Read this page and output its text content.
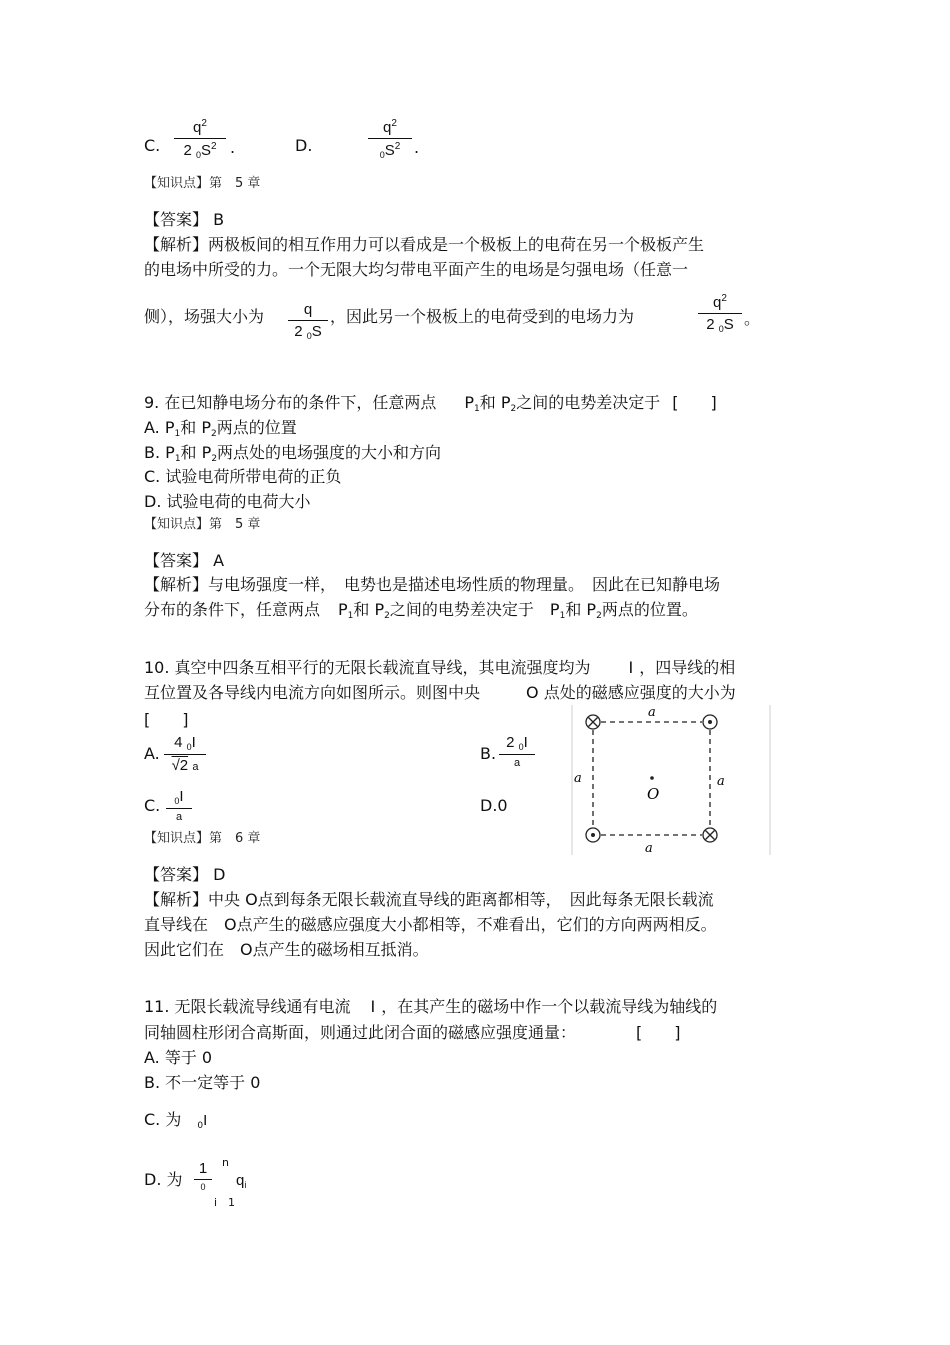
C.
$q^2$
2 $_0S^2$ .	D.
$q^2$
$_0S^2$ .
【知识点】第　5 章
【答案】 B
【解析】两极板间的相互作用力可以看成是一个极板上的电荷在另一个极板产生
的电场中所受的力。一个无限大均匀带电平面产生的电场是匀强电场（任意一
侧），场强大小为	q
2 $_0$S
，因此另一个极板上的电荷受到的电场力为
$q^2$
2 $_0$S 。
9. 在已知静电场分布的条件下，任意两点 $P_1$和 $P_2$之间的电势差决定于 [　　]
A. $P_1$和 $P_2$两点的位置
B. $P_1$和 $P_2$两点处的电场强度的大小和方向
C. 试验电荷所带电荷的正负
D. 试验电荷的电荷大小
【知识点】第　5 章
【答案】 A
【解析】与电场强度一样，　电势也是描述电场性质的物理量。　因此在已知静电场
分布的条件下，任意两点 $P_1$和 $P_2$之间的电势差决定于 $P_1$和 $P_2$两点的位置。
10. 真空中四条互相平行的无限长载流直导线，其电流强度均为 I ，四导线的相
互位置及各导线内电流方向如图所示。则图中央	O 点处的磁感应强度的大小为
[　　]
A.
4 $_0$I
√2 a
B.
2 $_0$I
a
C.	$_0$I
a
D.0
O
a
a
a	a
【知识点】第　6 章
【答案】 D
【解析】中央 O点到每条无限长载流直导线的距离都相等，　因此每条无限长载流
直导线在　O点产生的磁感应强度大小都相等，不难看出，它们的方向两两相反。
因此它们在　O点产生的磁场相互抵消。
11. 无限长载流导线通有电流 I ，在其产生的磁场中作一个以载流导线为轴线的
同轴圆柱形闭合高斯面，则通过此闭合面的磁感应强度通量：	[　　]
A. 等于 0
B. 不一定等于 0
C. 为　 $_0$I
D. 为
1
0
n
i　1
$q_i$
